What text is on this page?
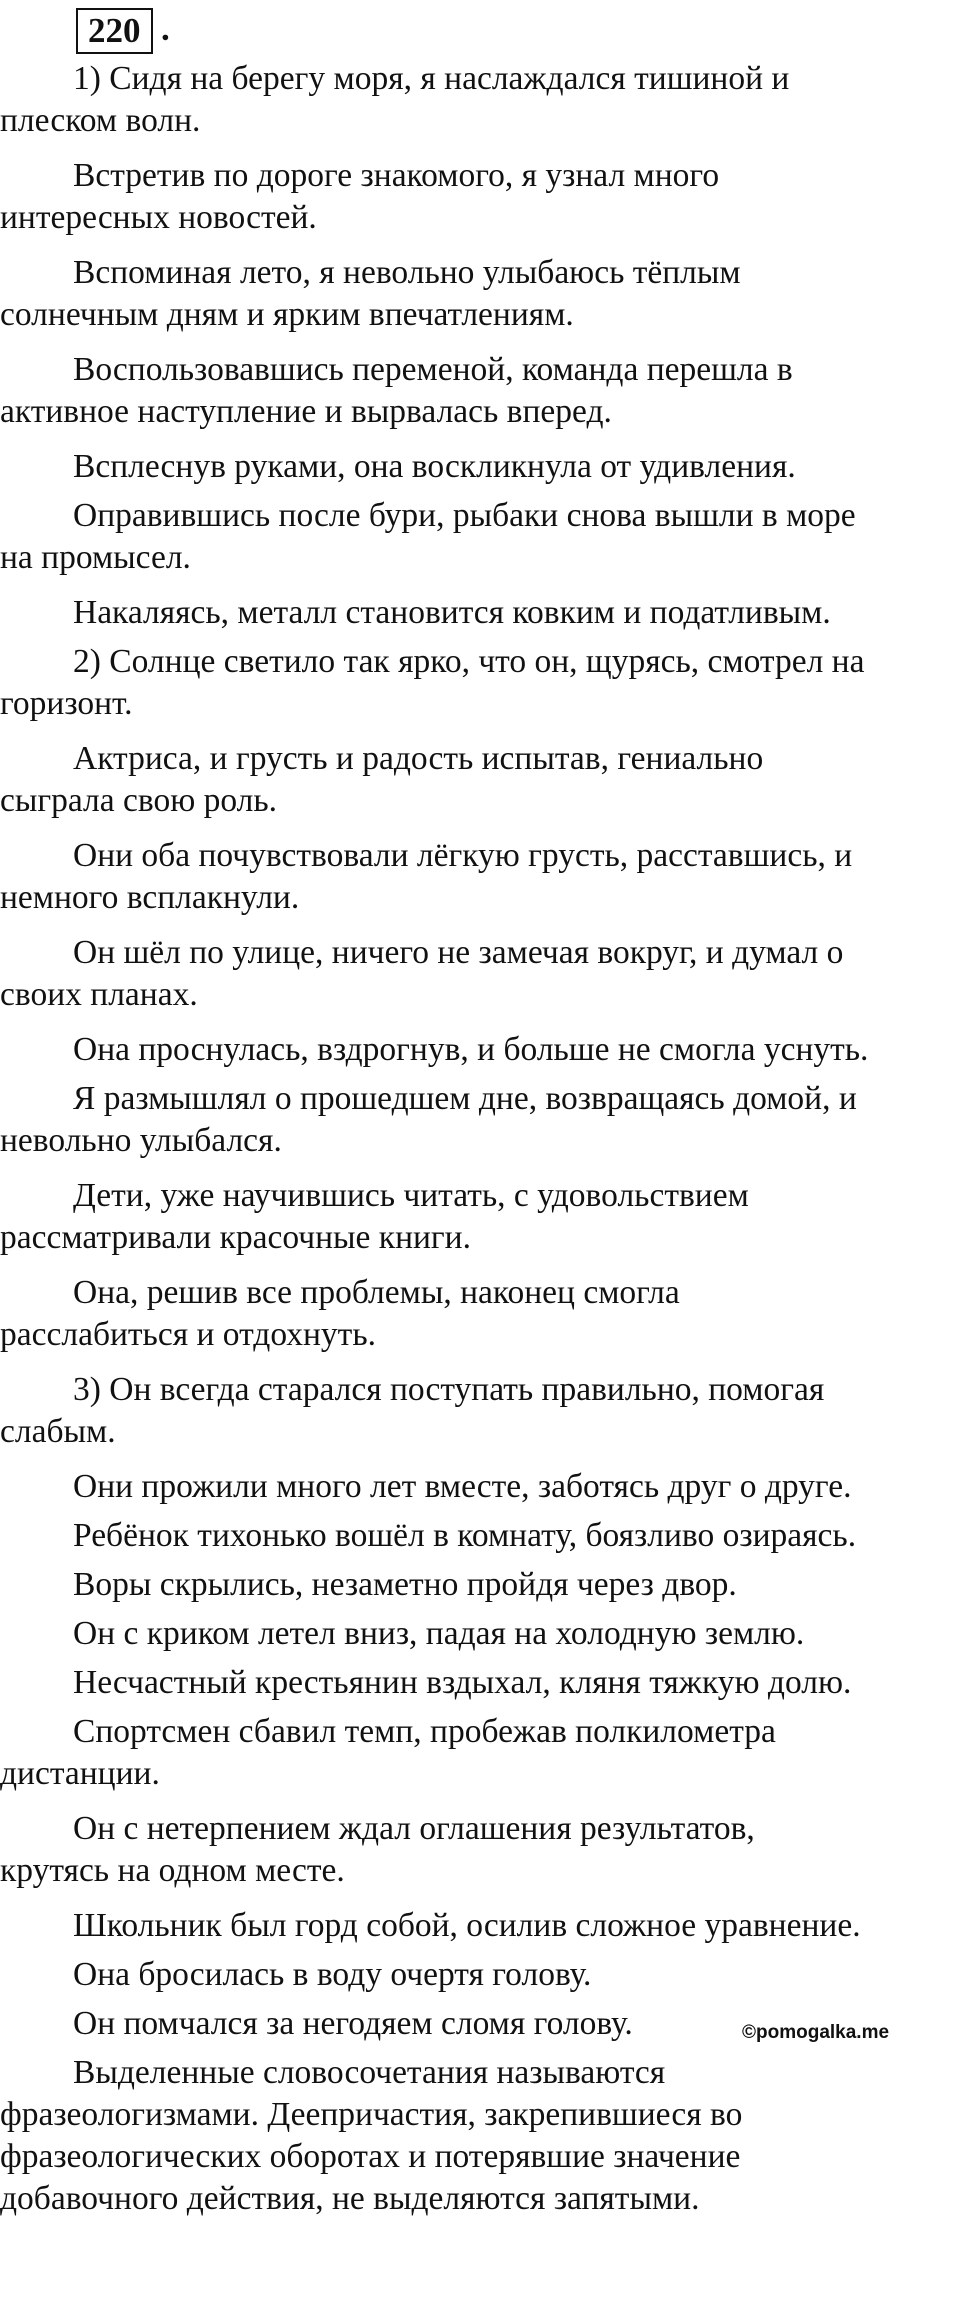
220 .

1) Сидя на берегу моря, я наслаждался тишиной и
плеском волн.

Встретив по дороге знакомого, я узнал много
интересных новостей.

Вспоминая лето, я невольно улыбаюсь тёплым
солнечным дням и ярким впечатлениям.

Воспользовавшись переменой, команда перешла в
активное наступление и вырвалась вперед.

Всплеснув руками, она воскликнула от удивления.

Оправившись после бури, рыбаки снова вышли в море
на промысел.

Накаляясь, металл становится ковким и податливым.

2) Солнце светило так ярко, что он, щурясь, смотрел на
горизонт.

Актриса, и грусть и радость испытав, гениально
сыграла свою роль.

Они оба почувствовали лёгкую грусть, расставшись, и
немного всплакнули.

Он шёл по улице, ничего не замечая вокруг, и думал о
своих планах.

Она проснулась, вздрогнув, и больше не смогла уснуть.

Я размышлял о прошедшем дне, возвращаясь домой, и
невольно улыбался.

Дети, уже научившись читать, с удовольствием
рассматривали красочные книги.

Она, решив все проблемы, наконец смогла
расслабиться и отдохнуть.

3) Он всегда старался поступать правильно, помогая
слабым.

Они прожили много лет вместе, заботясь друг о друге.

Ребёнок тихонько вошёл в комнату, боязливо озираясь.

Воры скрылись, незаметно пройдя через двор.

Он с криком летел вниз, падая на холодную землю.

Несчастный крестьянин вздыхал, кляня тяжкую долю.

Спортсмен сбавил темп, пробежав полкилометра
дистанции.

Он с нетерпением ждал оглашения результатов,
крутясь на одном месте.

Школьник был горд собой, осилив сложное уравнение.

Она бросилась в воду очертя голову.

Он помчался за негодяем сломя голову.

Выделенные словосочетания называются
фразеологизмами. Деепричастия, закрепившиеся во
фразеологических оборотах и потерявшие значение
добавочного действия, не выделяются запятыми.

©pomogalka.me
